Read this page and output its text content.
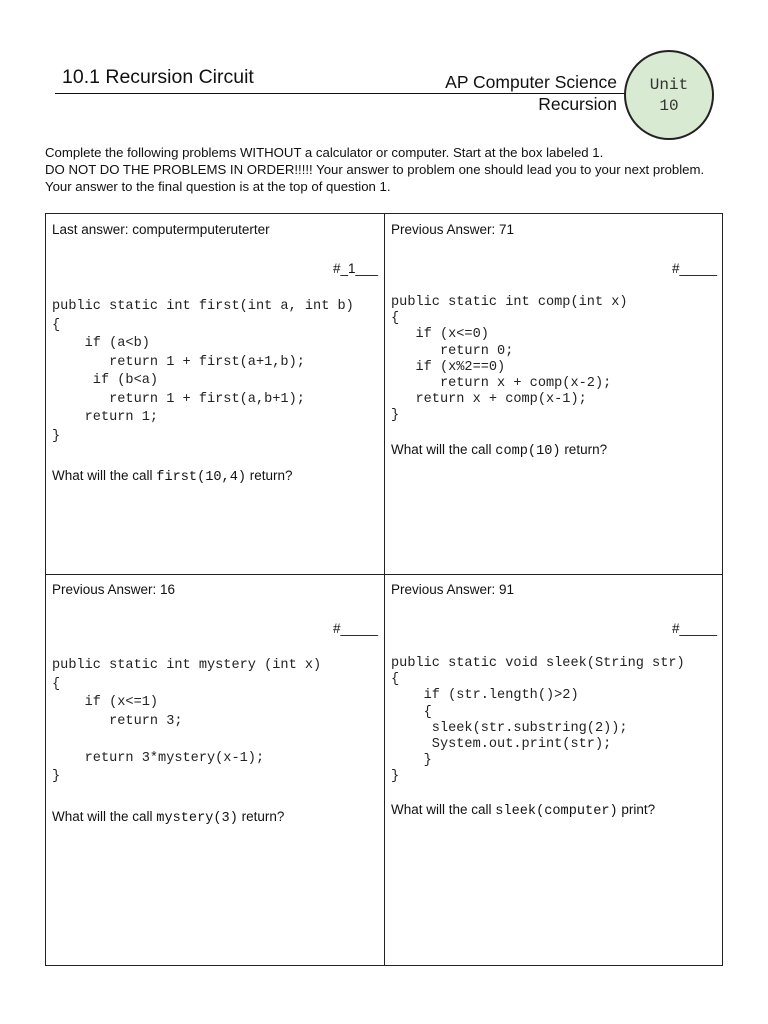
10.1 Recursion Circuit	AP Computer Science
Recursion
Unit
10
Complete the following problems WITHOUT a calculator or computer. Start at the box labeled 1.
DO NOT DO THE PROBLEMS IN ORDER!!!!! Your answer to problem one should lead you to your next problem.
Your answer to the final question is at the top of question 1.
Last answer: computermputeruterter
#_1___
public static int first(int a, int b)
{
if (a<b)
return 1 + first(a+1,b);
if (b<a)
return 1 + first(a,b+1);
return 1;
}
What will the call first(10,4) return?
Previous Answer: 71
#_____
public static int comp(int x)
{
if (x<=0)
return 0;
if (x%2==0)
return x + comp(x-2);
return x + comp(x-1);
}
What will the call comp(10) return?
Previous Answer: 16
#_____
public static int mystery (int x)
{
if (x<=1)
return 3;
return 3*mystery(x-1);
}
What will the call mystery(3) return?
Previous Answer: 91
#_____
public static void sleek(String str)
{
if (str.length()>2)
{
sleek(str.substring(2));
System.out.print(str);
}
}
What will the call sleek(computer) print?
